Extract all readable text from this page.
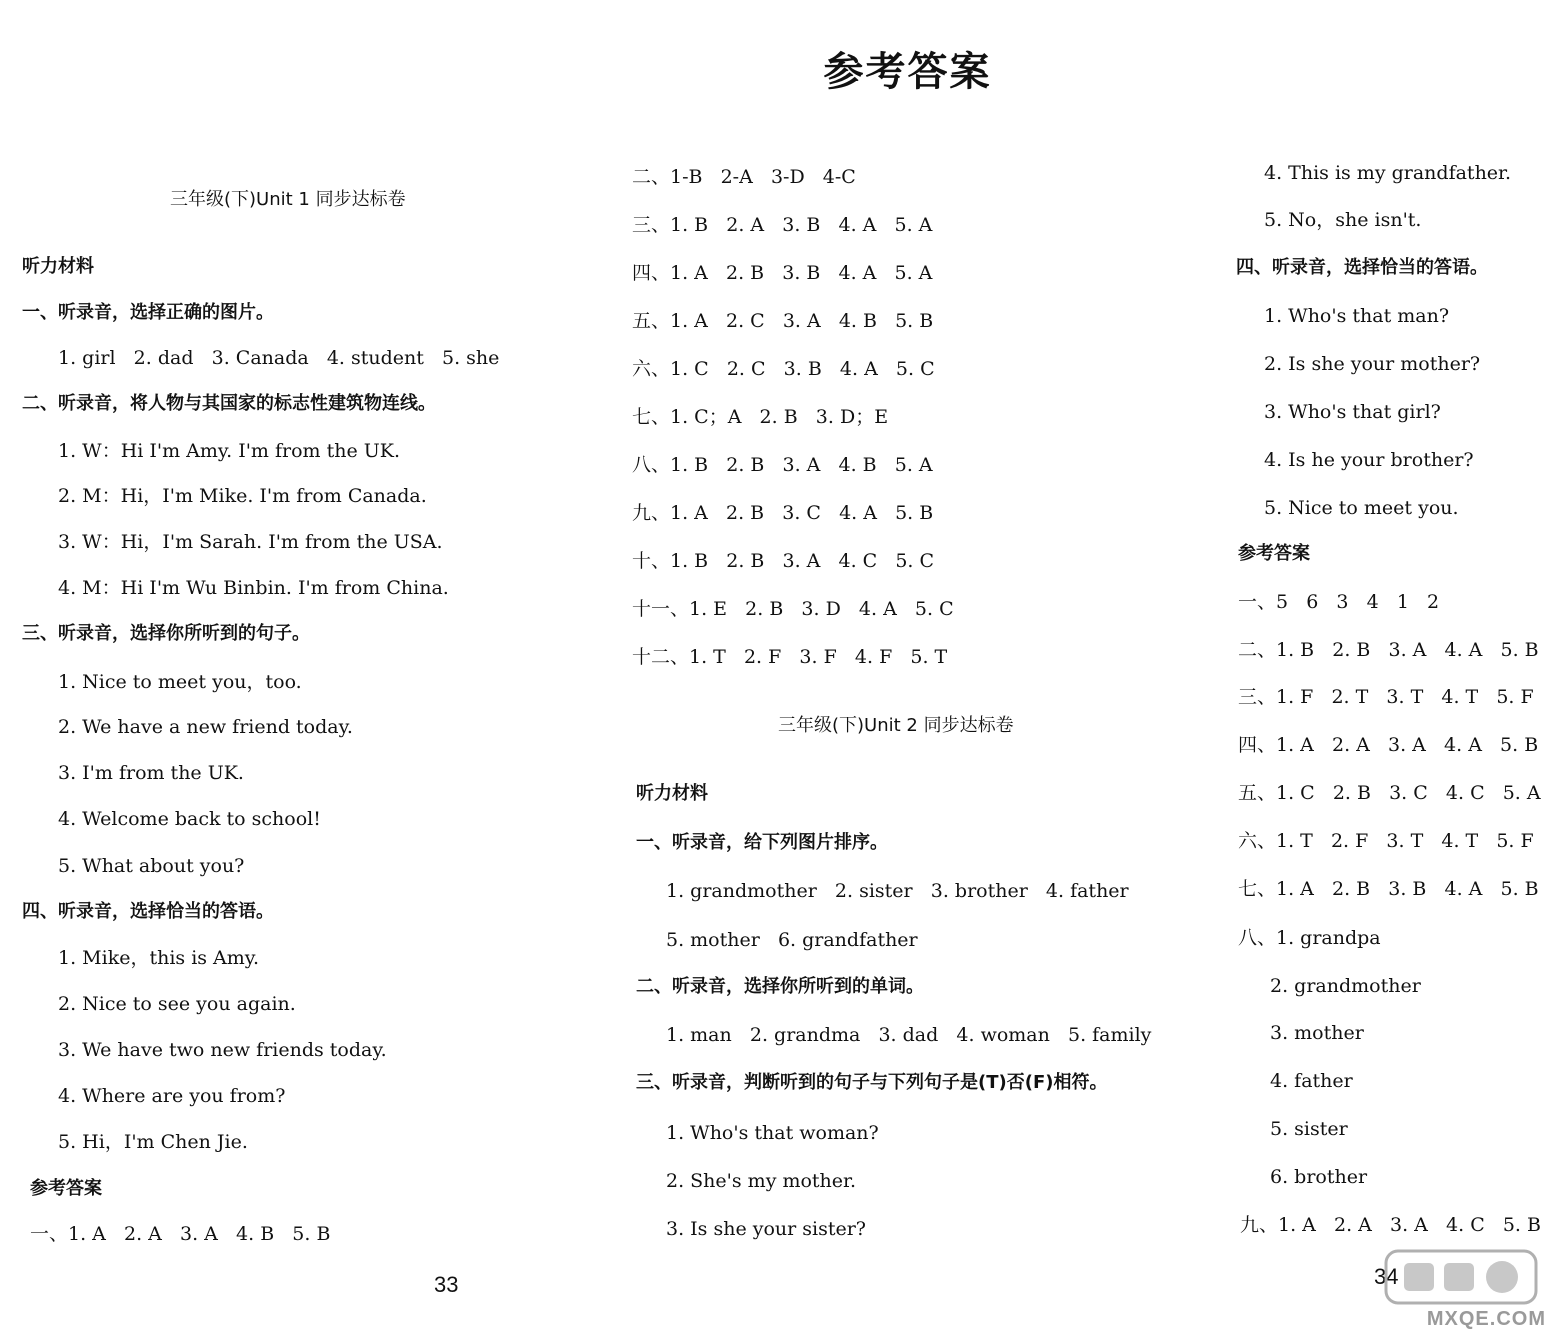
参考答案
三年级(下)Unit 1 同步达标卷
听力材料
一、听录音，选择正确的图片。
1. girl   2. dad   3. Canada   4. student   5. she
二、听录音，将人物与其国家的标志性建筑物连线。
1. W：Hi I'm Amy. I'm from the UK.
2. M：Hi，I'm Mike. I'm from Canada.
3. W：Hi，I'm Sarah. I'm from the USA.
4. M：Hi I'm Wu Binbin. I'm from China.
三、听录音，选择你所听到的句子。
1. Nice to meet you，too.
2. We have a new friend today.
3. I'm from the UK.
4. Welcome back to school!
5. What about you?
四、听录音，选择恰当的答语。
1. Mike，this is Amy.
2. Nice to see you again.
3. We have two new friends today.
4. Where are you from?
5. Hi，I'm Chen Jie.
参考答案
一、1. A   2. A   3. A   4. B   5. B
33
二、1-B   2-A   3-D   4-C
三、1. B   2. A   3. B   4. A   5. A
四、1. A   2. B   3. B   4. A   5. A
五、1. A   2. C   3. A   4. B   5. B
六、1. C   2. C   3. B   4. A   5. C
七、1. C；A   2. B   3. D；E
八、1. B   2. B   3. A   4. B   5. A
九、1. A   2. B   3. C   4. A   5. B
十、1. B   2. B   3. A   4. C   5. C
十一、1. E   2. B   3. D   4. A   5. C
十二、1. T   2. F   3. F   4. F   5. T
三年级(下)Unit 2 同步达标卷
听力材料
一、听录音，给下列图片排序。
1. grandmother   2. sister   3. brother   4. father
5. mother   6. grandfather
二、听录音，选择你所听到的单词。
1. man   2. grandma   3. dad   4. woman   5. family
三、听录音，判断听到的句子与下列句子是(T)否(F)相符。
1. Who's that woman?
2. She's my mother.
3. Is she your sister?
4. This is my grandfather.
5. No，she isn't.
四、听录音，选择恰当的答语。
1. Who's that man?
2. Is she your mother?
3. Who's that girl?
4. Is he your brother?
5. Nice to meet you.
参考答案
一、5   6   3   4   1   2
二、1. B   2. B   3. A   4. A   5. B
三、1. F   2. T   3. T   4. T   5. F
四、1. A   2. A   3. A   4. A   5. B
五、1. C   2. B   3. C   4. C   5. A
六、1. T   2. F   3. T   4. T   5. F
七、1. A   2. B   3. B   4. A   5. B
八、1. grandpa
2. grandmother
3. mother
4. father
5. sister
6. brother
九、1. A   2. A   3. A   4. C   5. B
34
MXQE.COM
